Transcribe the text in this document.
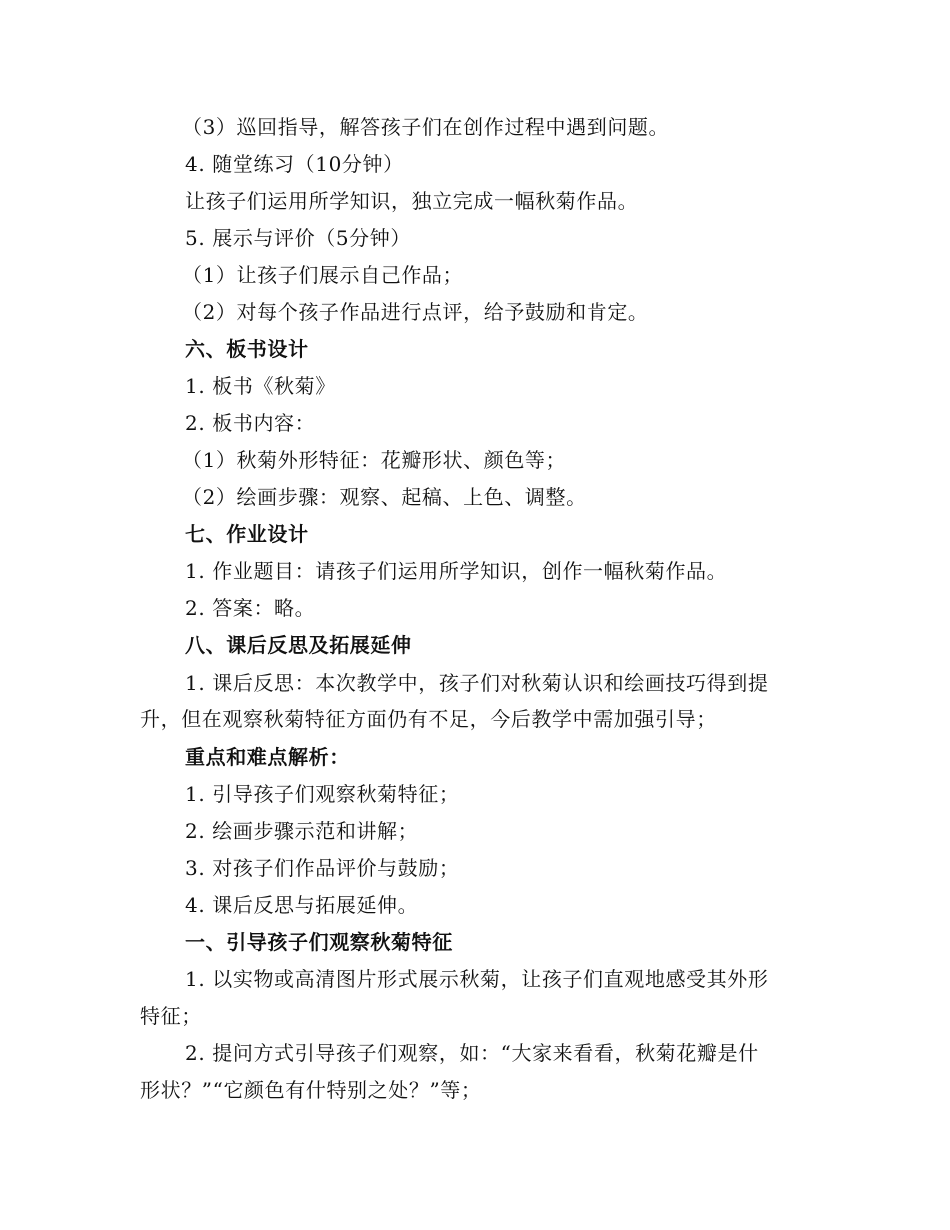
（3）巡回指导，解答孩子们在创作过程中遇到问题。
4. 随堂练习（10分钟）
让孩子们运用所学知识，独立完成一幅秋菊作品。
5. 展示与评价（5分钟）
（1）让孩子们展示自己作品；
（2）对每个孩子作品进行点评，给予鼓励和肯定。
六、板书设计
1. 板书《秋菊》
2. 板书内容：
（1）秋菊外形特征：花瓣形状、颜色等；
（2）绘画步骤：观察、起稿、上色、调整。
七、作业设计
1. 作业题目：请孩子们运用所学知识，创作一幅秋菊作品。
2. 答案：略。
八、课后反思及拓展延伸
1. 课后反思：本次教学中，孩子们对秋菊认识和绘画技巧得到提
升，但在观察秋菊特征方面仍有不足，今后教学中需加强引导；
重点和难点解析：
1. 引导孩子们观察秋菊特征；
2. 绘画步骤示范和讲解；
3. 对孩子们作品评价与鼓励；
4. 课后反思与拓展延伸。
一、引导孩子们观察秋菊特征
1. 以实物或高清图片形式展示秋菊，让孩子们直观地感受其外形
特征；
2. 提问方式引导孩子们观察，如：“大家来看看，秋菊花瓣是什
形状？”“它颜色有什特别之处？”等；
